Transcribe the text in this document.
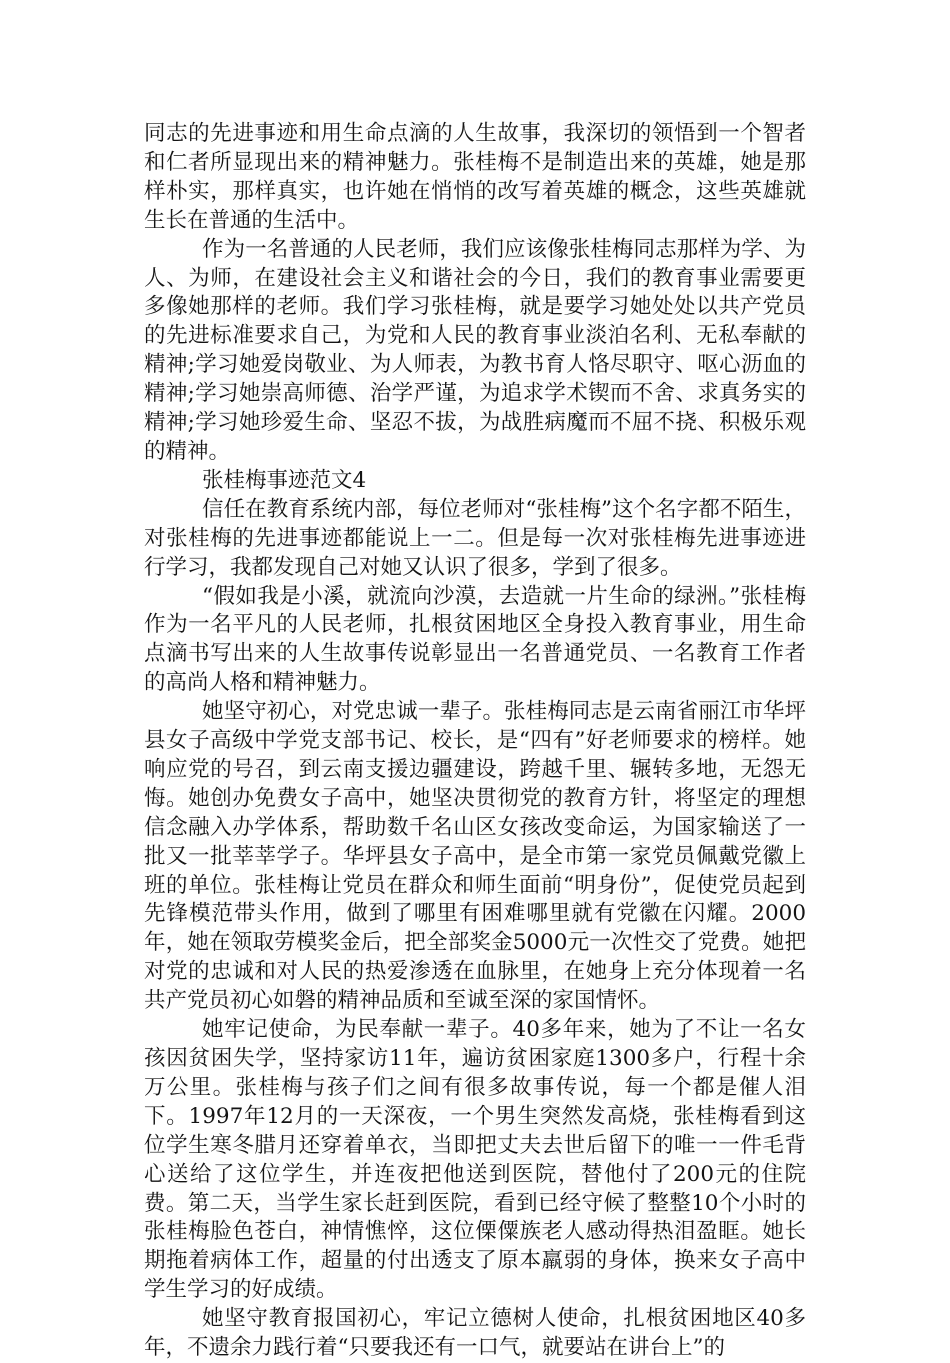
同志的先进事迹和用生命点滴的人生故事，我深切的领悟到一个智者和仁者所显现出来的精神魅力。张桂梅不是制造出来的英雄，她是那样朴实，那样真实，也许她在悄悄的改写着英雄的概念，这些英雄就生长在普通的生活中。

作为一名普通的人民老师，我们应该像张桂梅同志那样为学、为人、为师，在建设社会主义和谐社会的今日，我们的教育事业需要更多像她那样的老师。我们学习张桂梅，就是要学习她处处以共产党员的先进标准要求自己，为党和人民的教育事业淡泊名利、无私奉献的精神;学习她爱岗敬业、为人师表，为教书育人恪尽职守、呕心沥血的精神;学习她崇高师德、治学严谨，为追求学术锲而不舍、求真务实的精神;学习她珍爱生命、坚忍不拔，为战胜病魔而不屈不挠、积极乐观的精神。

张桂梅事迹范文4

信任在教育系统内部，每位老师对“张桂梅”这个名字都不陌生，对张桂梅的先进事迹都能说上一二。但是每一次对张桂梅先进事迹进行学习，我都发现自己对她又认识了很多，学到了很多。

“假如我是小溪，就流向沙漠，去造就一片生命的绿洲。”张桂梅作为一名平凡的人民老师，扎根贫困地区全身投入教育事业，用生命点滴书写出来的人生故事传说彰显出一名普通党员、一名教育工作者的高尚人格和精神魅力。

她坚守初心，对党忠诚一辈子。张桂梅同志是云南省丽江市华坪县女子高级中学党支部书记、校长，是“四有”好老师要求的榜样。她响应党的号召，到云南支援边疆建设，跨越千里、辗转多地，无怨无悔。她创办免费女子高中，她坚决贯彻党的教育方针，将坚定的理想信念融入办学体系，帮助数千名山区女孩改变命运，为国家输送了一批又一批莘莘学子。华坪县女子高中，是全市第一家党员佩戴党徽上班的单位。张桂梅让党员在群众和师生面前“明身份”，促使党员起到先锋模范带头作用，做到了哪里有困难哪里就有党徽在闪耀。2000年，她在领取劳模奖金后，把全部奖金5000元一次性交了党费。她把对党的忠诚和对人民的热爱渗透在血脉里，在她身上充分体现着一名共产党员初心如磐的精神品质和至诚至深的家国情怀。

她牢记使命，为民奉献一辈子。40多年来，她为了不让一名女孩因贫困失学，坚持家访11年，遍访贫困家庭1300多户，行程十余万公里。张桂梅与孩子们之间有很多故事传说，每一个都是催人泪下。1997年12月的一天深夜，一个男生突然发高烧，张桂梅看到这位学生寒冬腊月还穿着单衣，当即把丈夫去世后留下的唯一一件毛背心送给了这位学生，并连夜把他送到医院，替他付了200元的住院费。第二天，当学生家长赶到医院，看到已经守候了整整10个小时的张桂梅脸色苍白，神情憔悴，这位傈僳族老人感动得热泪盈眶。她长期拖着病体工作，超量的付出透支了原本羸弱的身体，换来女子高中学生学习的好成绩。

她坚守教育报国初心，牢记立德树人使命，扎根贫困地区40多年，不遗余力践行着“只要我还有一口气，就要站在讲台上”的
